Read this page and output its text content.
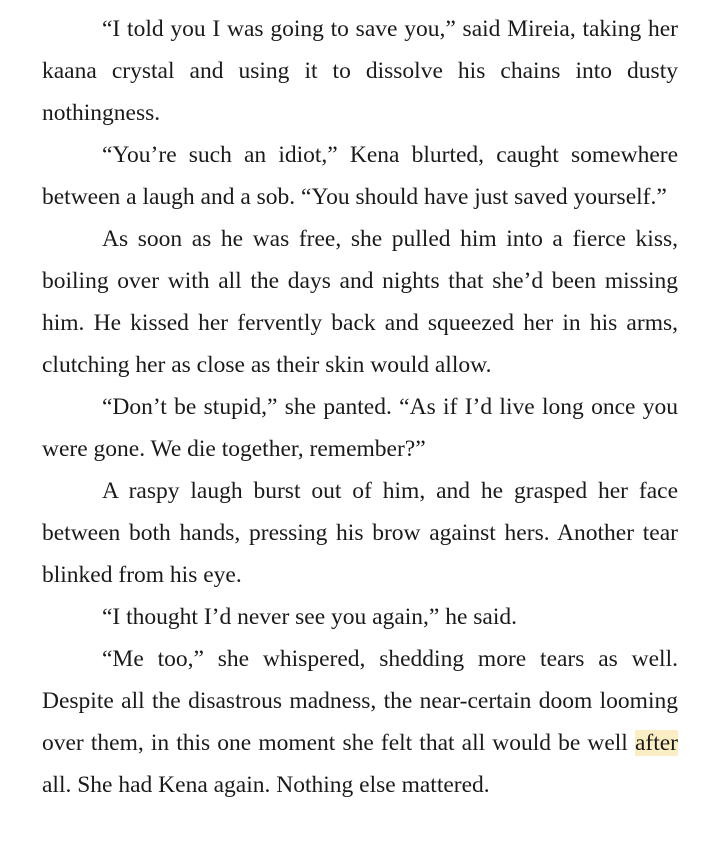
“I told you I was going to save you,” said Mireia, taking her kaana crystal and using it to dissolve his chains into dusty nothingness.

“You’re such an idiot,” Kena blurted, caught somewhere between a laugh and a sob. “You should have just saved yourself.”

As soon as he was free, she pulled him into a fierce kiss, boiling over with all the days and nights that she’d been missing him. He kissed her fervently back and squeezed her in his arms, clutching her as close as their skin would allow.

“Don’t be stupid,” she panted. “As if I’d live long once you were gone. We die together, remember?”

A raspy laugh burst out of him, and he grasped her face between both hands, pressing his brow against hers. Another tear blinked from his eye.

“I thought I’d never see you again,” he said.

“Me too,” she whispered, shedding more tears as well. Despite all the disastrous madness, the near-certain doom looming over them, in this one moment she felt that all would be well after all. She had Kena again. Nothing else mattered.
